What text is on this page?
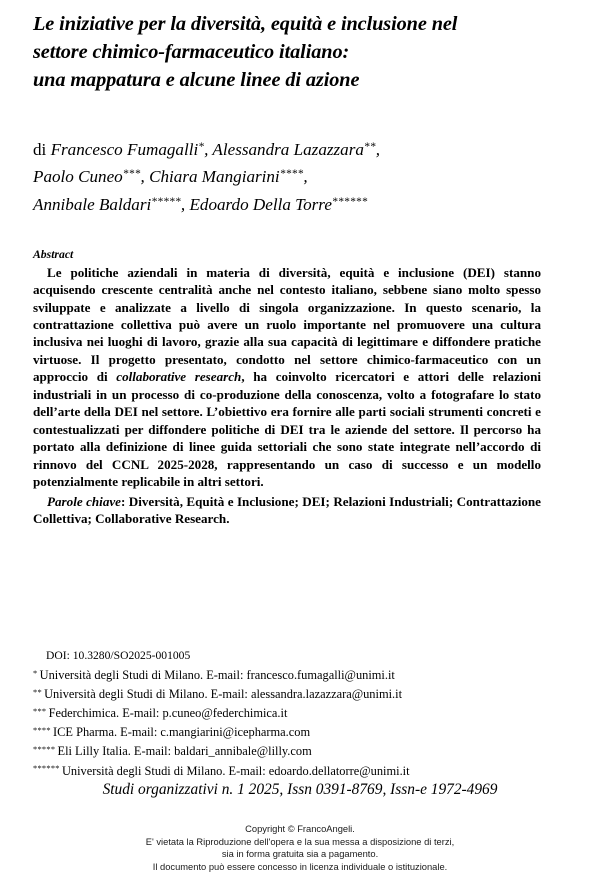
Le iniziative per la diversità, equità e inclusione nel
settore chimico-farmaceutico italiano:
una mappatura e alcune linee di azione
di Francesco Fumagalli*, Alessandra Lazazzara**,
Paolo Cuneo***, Chiara Mangiarini****,
Annibale Baldari*****, Edoardo Della Torre******
Abstract

Le politiche aziendali in materia di diversità, equità e inclusione (DEI) stanno acquisendo crescente centralità anche nel contesto italiano, sebbene siano molto spesso sviluppate e analizzate a livello di singola organizzazione. In questo scenario, la contrattazione collettiva può avere un ruolo importante nel promuovere una cultura inclusiva nei luoghi di lavoro, grazie alla sua capacità di legittimare e diffondere pratiche virtuose. Il progetto presentato, condotto nel settore chimico-farmaceutico con un approccio di collaborative research, ha coinvolto ricercatori e attori delle relazioni industriali in un processo di co-produzione della conoscenza, volto a fotografare lo stato dell’arte della DEI nel settore. L’obiettivo era fornire alle parti sociali strumenti concreti e contestualizzati per diffondere politiche di DEI tra le aziende del settore. Il percorso ha portato alla definizione di linee guida settoriali che sono state integrate nell’accordo di rinnovo del CCNL 2025-2028, rappresentando un caso di successo e un modello potenzialmente replicabile in altri settori.

Parole chiave: Diversità, Equità e Inclusione; DEI; Relazioni Industriali; Contrattazione Collettiva; Collaborative Research.

DOI: 10.3280/SO2025-001005
* Università degli Studi di Milano. E-mail: francesco.fumagalli@unimi.it
** Università degli Studi di Milano. E-mail: alessandra.lazazzara@unimi.it
*** Federchimica. E-mail: p.cuneo@federchimica.it
**** ICE Pharma. E-mail: c.mangiarini@icepharma.com
***** Eli Lilly Italia. E-mail: baldari_annibale@lilly.com
****** Università degli Studi di Milano. E-mail: edoardo.dellatorre@unimi.it
Studi organizzativi n. 1 2025, Issn 0391-8769, Issn-e 1972-4969
Copyright © FrancoAngeli.
E' vietata la Riproduzione dell'opera e la sua messa a disposizione di terzi,
sia in forma gratuita sia a pagamento.
Il documento può essere concesso in licenza individuale o istituzionale.
